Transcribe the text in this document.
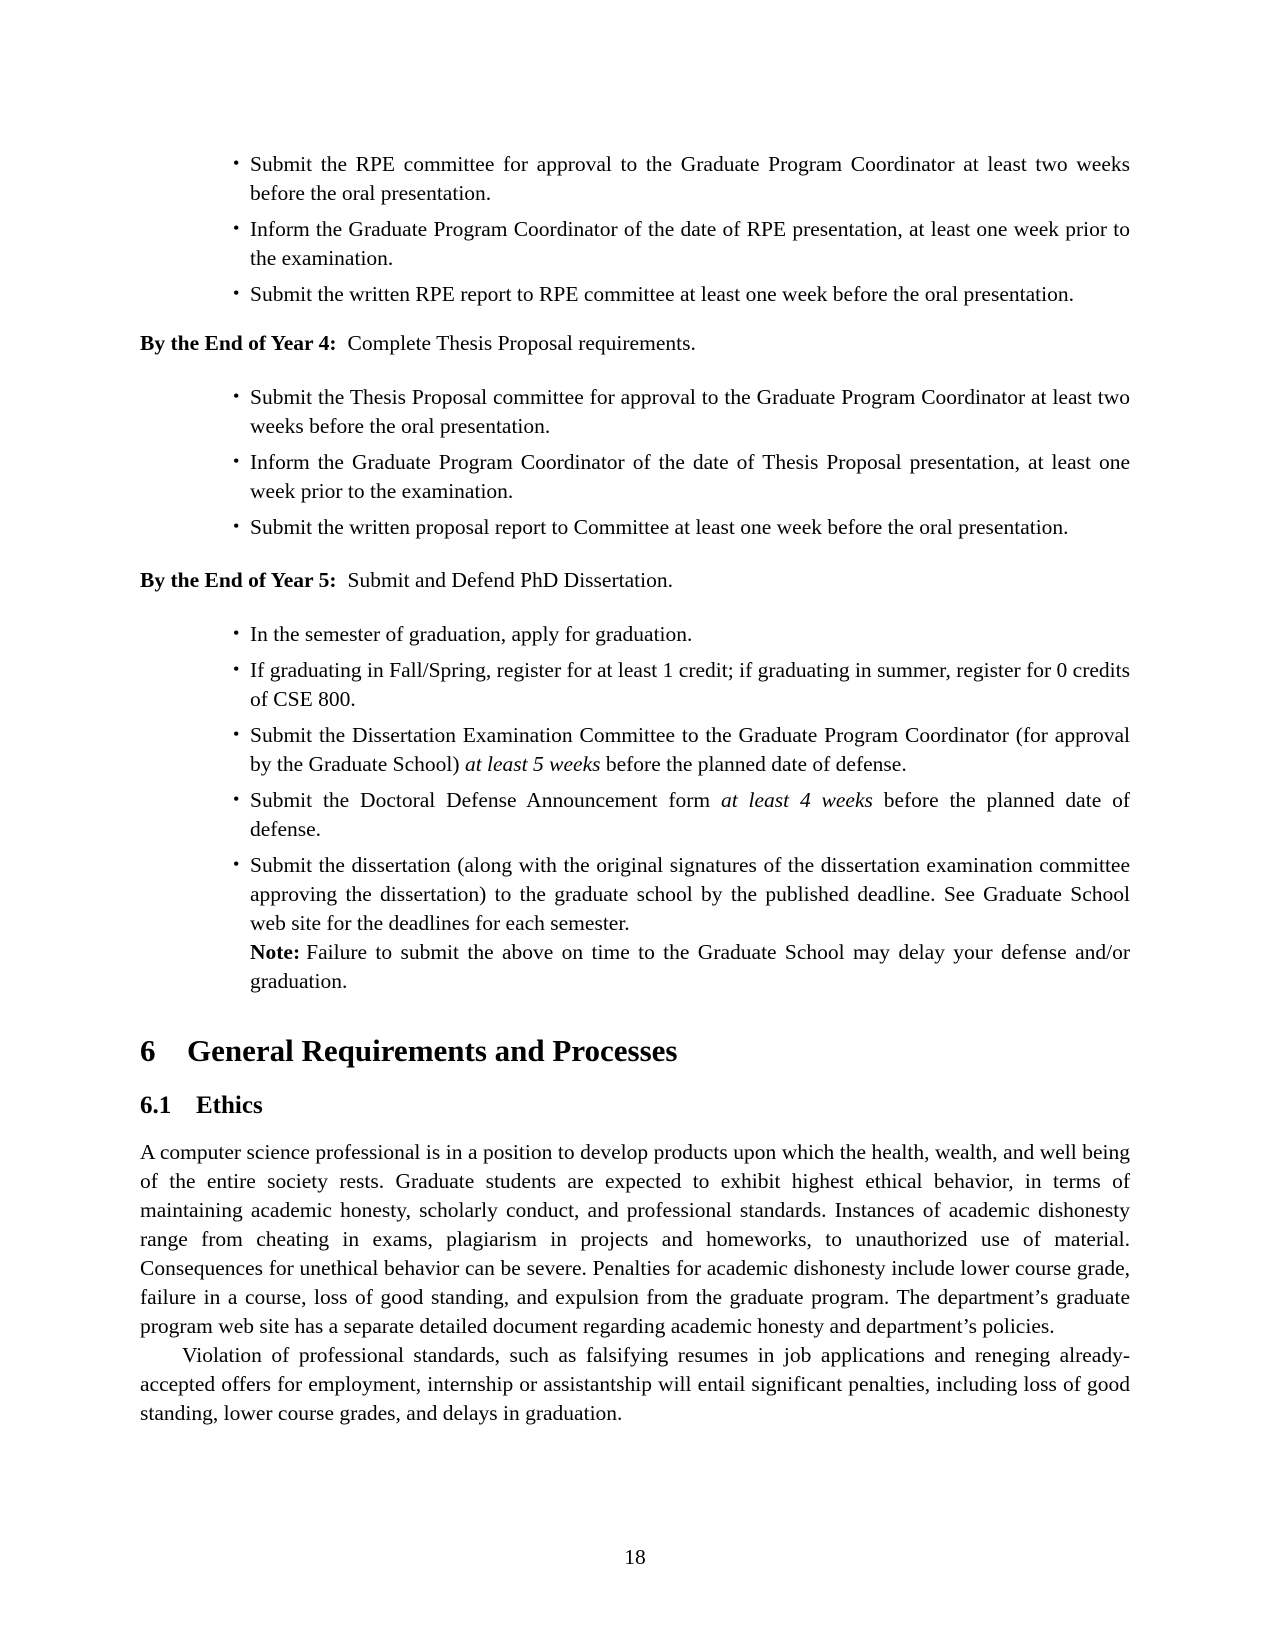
• Submit the RPE committee for approval to the Graduate Program Coordinator at least two weeks before the oral presentation.
• Inform the Graduate Program Coordinator of the date of RPE presentation, at least one week prior to the examination.
• Submit the written RPE report to RPE committee at least one week before the oral presentation.

By the End of Year 4: Complete Thesis Proposal requirements.

• Submit the Thesis Proposal committee for approval to the Graduate Program Coordinator at least two weeks before the oral presentation.
• Inform the Graduate Program Coordinator of the date of Thesis Proposal presentation, at least one week prior to the examination.
• Submit the written proposal report to Committee at least one week before the oral presentation.

By the End of Year 5: Submit and Defend PhD Dissertation.

• In the semester of graduation, apply for graduation.
• If graduating in Fall/Spring, register for at least 1 credit; if graduating in summer, register for 0 credits of CSE 800.
• Submit the Dissertation Examination Committee to the Graduate Program Coordinator (for approval by the Graduate School) at least 5 weeks before the planned date of defense.
• Submit the Doctoral Defense Announcement form at least 4 weeks before the planned date of defense.
• Submit the dissertation (along with the original signatures of the dissertation examination committee approving the dissertation) to the graduate school by the published deadline. See Graduate School web site for the deadlines for each semester.
Note: Failure to submit the above on time to the Graduate School may delay your defense and/or graduation.
6 General Requirements and Processes
6.1 Ethics

A computer science professional is in a position to develop products upon which the health, wealth, and well being of the entire society rests. Graduate students are expected to exhibit highest ethical behavior, in terms of maintaining academic honesty, scholarly conduct, and professional standards. Instances of academic dishonesty range from cheating in exams, plagiarism in projects and homeworks, to unauthorized use of material. Consequences for unethical behavior can be severe. Penalties for academic dishonesty include lower course grade, failure in a course, loss of good standing, and expulsion from the graduate program. The department’s graduate program web site has a separate detailed document regarding academic honesty and department’s policies.

Violation of professional standards, such as falsifying resumes in job applications and reneging already-accepted offers for employment, internship or assistantship will entail significant penalties, including loss of good standing, lower course grades, and delays in graduation.

18
